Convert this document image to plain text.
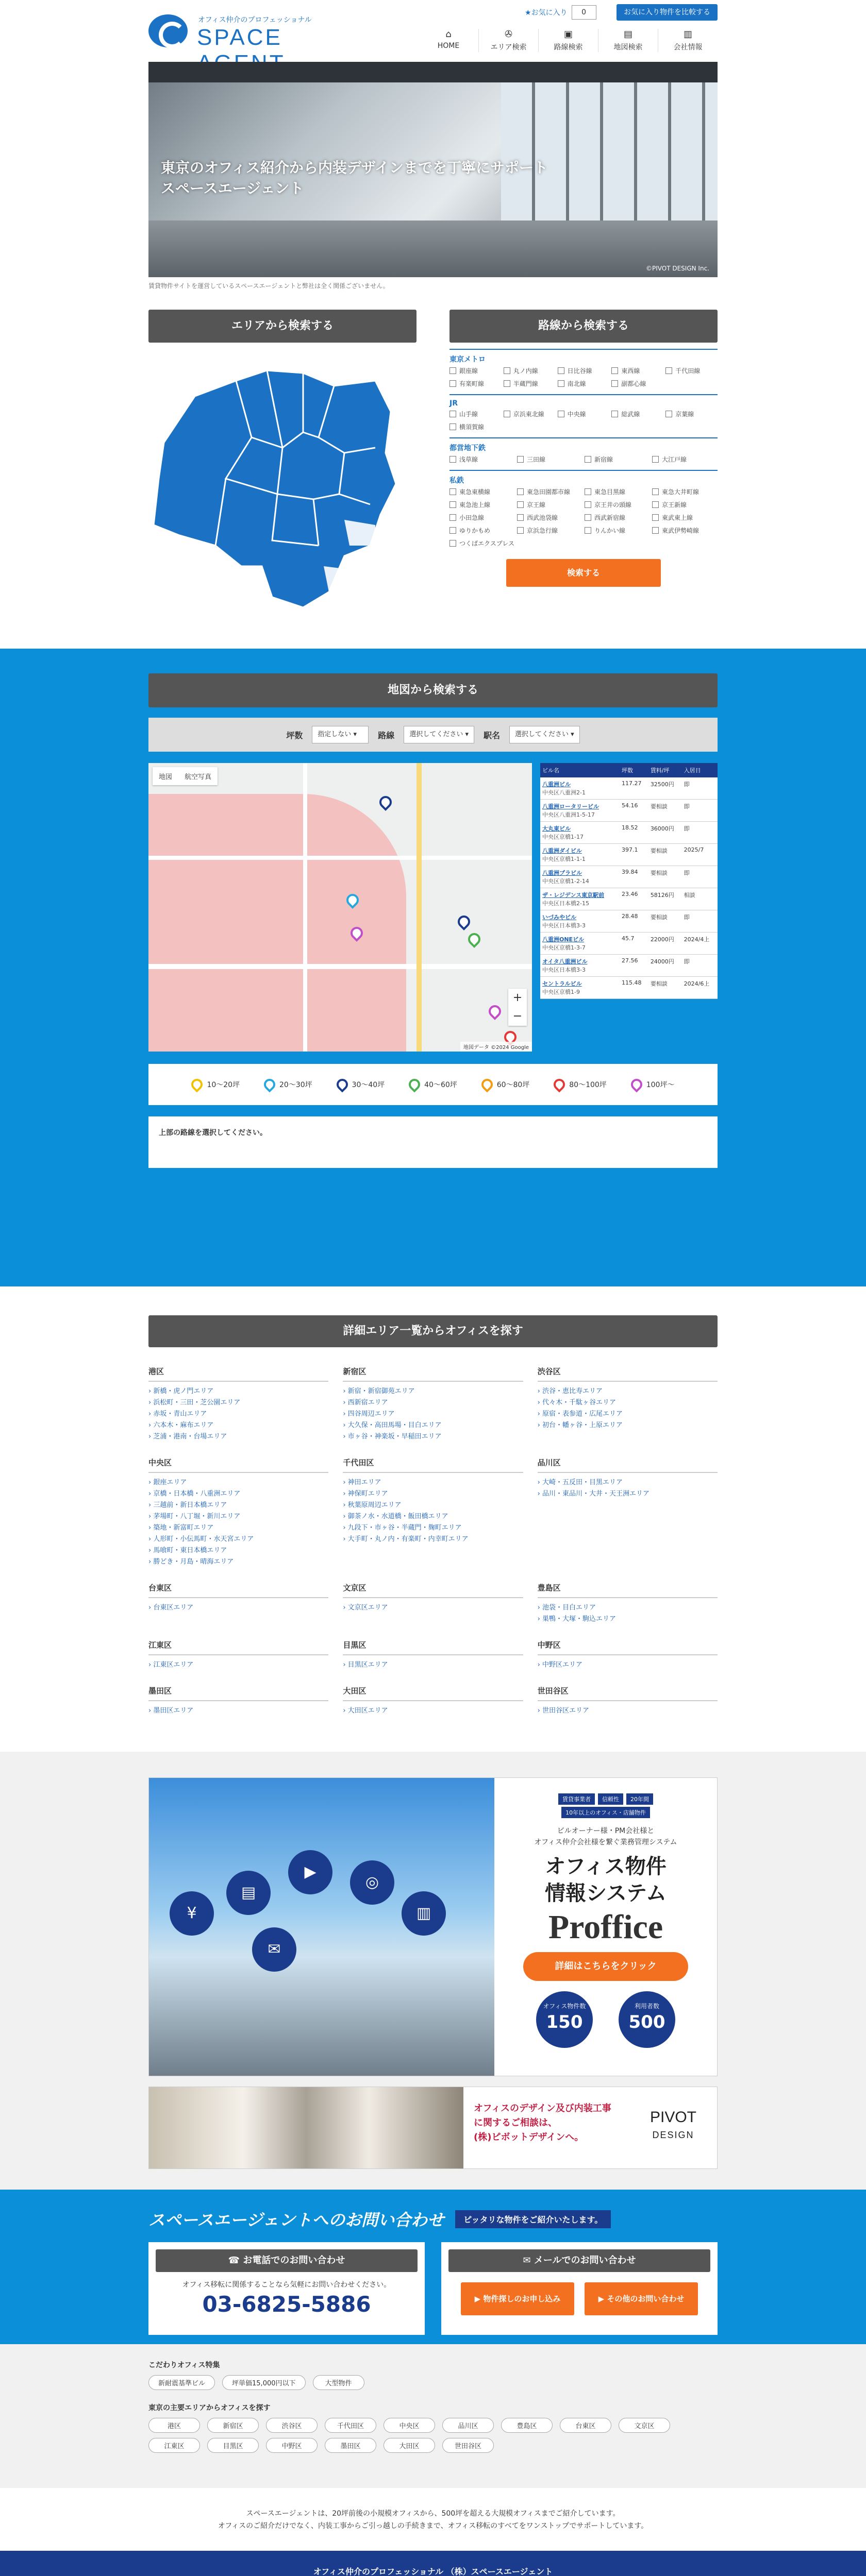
オフィス仲介のプロフェッショナル
SPACE
★お気に入り	0	お気に入り物件を比較する
⌂
HOME
✇
エリア検索
▣
路線検索
▤
地図検索
▥
会社情報
東京のオフィス紹介から内装デザインまでを丁寧にサポート
スペースエージェント
©PIVOT DESIGN Inc.
賃貸物件サイトを運営しているスペースエージェントと弊社は全く関係ございません。
エリアから検索する	路線から検索する
東京メトロ
銀座線	丸ノ内線	日比谷線	東西線	千代田線
有楽町線	半蔵門線	南北線	副都心線
JR
山手線	京浜東北線	中央線	総武線	京葉線
横須賀線
都営地下鉄
浅草線	三田線	新宿線	大江戸線
私鉄
東急東横線	東急田園都市線	東急目黒線	東急大井町線
東急池上線	京王線	京王井の頭線	京王新線
小田急線	西武池袋線	西武新宿線	東武東上線
ゆりかもめ	京浜急行線	りんかい線	東武伊勢崎線
つくばエクスプレス
検索する
地図から検索する
坪数	指定しない ▾	路線	選択してください ▾	駅名	選択してください ▾
地図	航空写真
+
−
地図データ ©2024 Google
ビル名	坪数	賃料/坪	入居日

八重洲ビル
中央区八重洲2-1	117.27	32500円	即

八重洲ロータリービル
中央区八重洲1-5-17	54.16	要相談	即

大丸東ビル
中央区京橋1-17	18.52	36000円	即

八重洲ダイビル
中央区京橋1-1-1	397.1	要相談	2025/7

八重洲プラビル
中央区京橋1-2-14	39.84	要相談	即

ザ・レジデンス東京駅前
中央区日本橋2-15	23.46	58126円	相談

いづみやビル
中央区日本橋3-3	28.48	要相談	即

八重洲ONEビル
中央区京橋1-3-7	45.7	22000円	2024/4上

オイタ八重洲ビル
中央区日本橋3-3	27.56	24000円	即

セントラルビル
中央区京橋1-9	115.48	要相談	2024/6上
10〜20坪	20〜30坪	30〜40坪	40〜60坪	60〜80坪	80〜100坪	100坪〜
上部の路線を選択してください。
詳細エリア一覧からオフィスを探す
港区

› 新橋・虎ノ門エリア

› 浜松町・三田・芝公園エリア

› 赤坂・青山エリア

› 六本木・麻布エリア

› 芝浦・港南・台場エリア

新宿区

› 新宿・新宿御苑エリア

› 西新宿エリア

› 四谷周辺エリア

› 大久保・高田馬場・目白エリア

› 市ヶ谷・神楽坂・早稲田エリア

渋谷区

› 渋谷・恵比寿エリア

› 代々木・千駄ヶ谷エリア

› 原宿・表参道・広尾エリア

› 初台・幡ヶ谷・上原エリア

中央区

› 銀座エリア

› 京橋・日本橋・八重洲エリア

› 三越前・新日本橋エリア

› 茅場町・八丁堀・新川エリア

› 築地・新富町エリア

› 人形町・小伝馬町・水天宮エリア

› 馬喰町・東日本橋エリア

› 勝どき・月島・晴海エリア

千代田区

› 神田エリア

› 神保町エリア

› 秋葉原周辺エリア

› 御茶ノ水・水道橋・飯田橋エリア

› 九段下・市ヶ谷・半蔵門・麹町エリア

› 大手町・丸ノ内・有楽町・内幸町エリア

品川区

› 大崎・五反田・目黒エリア

› 品川・東品川・大井・天王洲エリア

台東区

› 台東区エリア

文京区

› 文京区エリア

豊島区

› 池袋・目白エリア

› 巣鴨・大塚・駒込エリア

江東区

› 江東区エリア

目黒区

› 目黒区エリア

中野区

› 中野区エリア

墨田区

› 墨田区エリア

大田区

› 大田区エリア

世田谷区

› 世田谷区エリア

¥
▤
▶
◎
▥
✉
賃貸事業者	信頼性	20年間
10年以上のオフィス・店舗物件
ビルオーナー様・PM会社様と
オフィス仲介会社様を繋ぐ業務管理システム
オフィス物件
情報システム
Proffice
詳細はこちらをクリック
オフィス物件数
150
利用者数
500
オフィスのデザイン及び内装工事
に関するご相談は、
(株)ピボットデザインへ。
PIVOT
DESIGN
スペースエージェントへのお問い合わせ	ピッタリな物件をご紹介いたします。
☎ お電話でのお問い合わせ
オフィス移転に関係することなら気軽にお問い合わせください。
03-6825-5886
✉ メールでのお問い合わせ
▶ 物件探しのお申し込み	▶ その他のお問い合わせ
こだわりオフィス特集
新耐震基準ビル	坪単価15,000円以下	大型物件
東京の主要エリアからオフィスを探す
港区	新宿区	渋谷区	千代田区	中央区	品川区	豊島区	台東区	文京区
江東区	目黒区	中野区	墨田区	大田区	世田谷区
スペースエージェントは、20坪前後の小規模オフィスから、500坪を超える大規模オフィスまでご紹介しています。
オフィスのご紹介だけでなく、内装工事からご引っ越しの手続きまで、オフィス移転のすべてをワンストップでサポートしています。
オフィス仲介のプロフェッショナル （株）スペースエージェント
